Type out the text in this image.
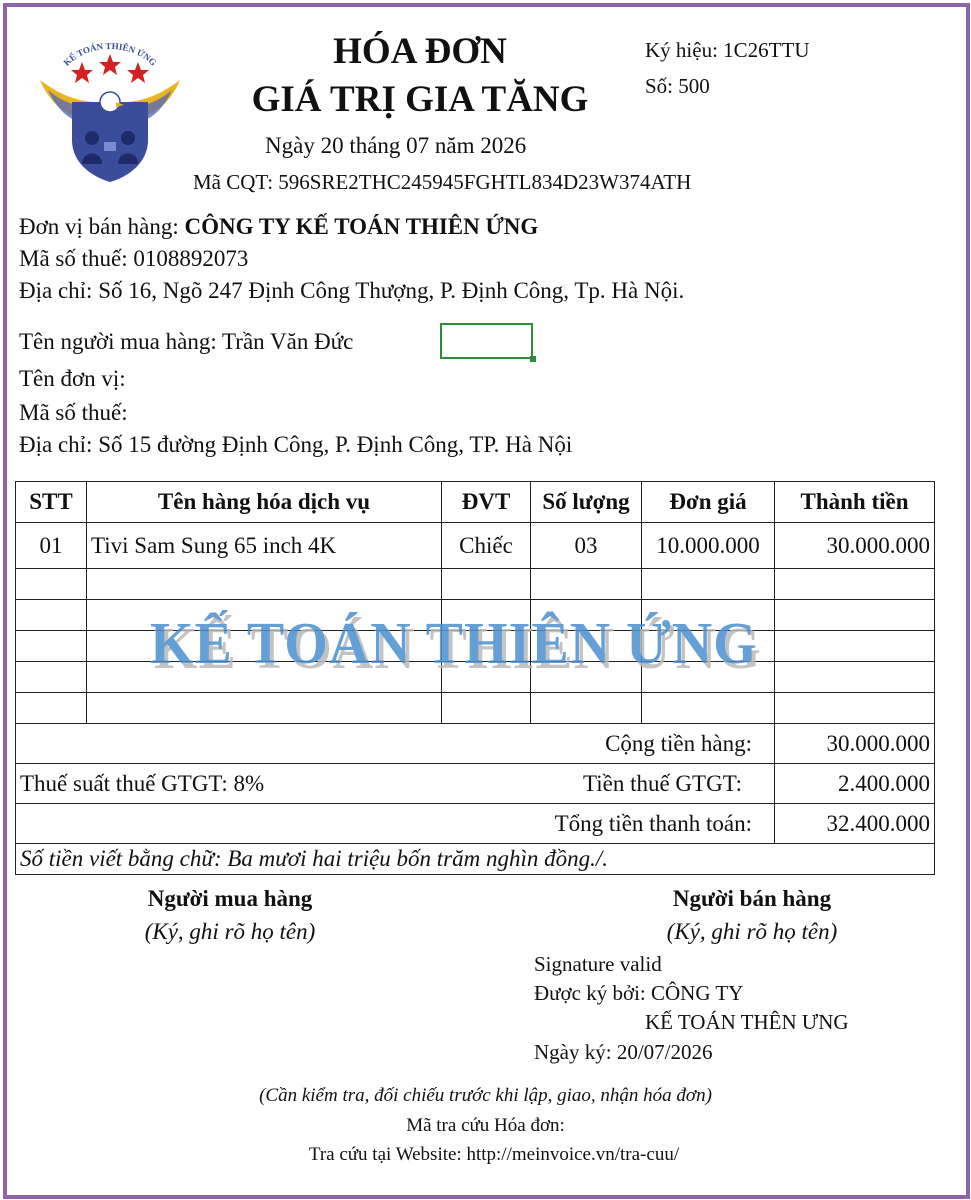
KẾ TOÁN THIÊN ỨNG	HÓA ĐƠN
GIÁ TRỊ GIA TĂNG
Ngày 20 tháng 07 năm 2026
Mã CQT: 596SRE2THC245945FGHTL834D23W374ATH
Ký hiệu: 1C26TTU
Số: 500
Đơn vị bán hàng: CÔNG TY KẾ TOÁN THIÊN ỨNG
Mã số thuế: 0108892073
Địa chỉ: Số 16, Ngõ 247 Định Công Thượng, P. Định Công, Tp. Hà Nội.
Tên người mua hàng: Trần Văn Đức
Tên đơn vị:
Mã số thuế:
Địa chỉ: Số 15 đường Định Công, P. Định Công, TP. Hà Nội
STT	Tên hàng hóa dịch vụ	ĐVT	Số lượng	Đơn giá	Thành tiền
01	Tivi Sam Sung 65 inch 4K	Chiếc	03	10.000.000	30.000.000

Cộng tiền hàng:					30.000.000
Thuế suất thuế GTGT: 8% Tiền thuế GTGT:					2.400.000
Tổng tiền thanh toán:					32.400.000
Số tiền viết bằng chữ: Ba mươi hai triệu bốn trăm nghìn đồng./.					
KẾ TOÁN THIÊN ỨNG
Người mua hàng
(Ký, ghi rõ họ tên)
Người bán hàng
(Ký, ghi rõ họ tên)
Signature valid
Được ký bởi: CÔNG TY
KẾ TOÁN THÊN ƯNG
Ngày ký: 20/07/2026
(Cần kiểm tra, đối chiếu trước khi lập, giao, nhận hóa đơn)
Mã tra cứu Hóa đơn:
Tra cứu tại Website: http://meinvoice.vn/tra-cuu/
